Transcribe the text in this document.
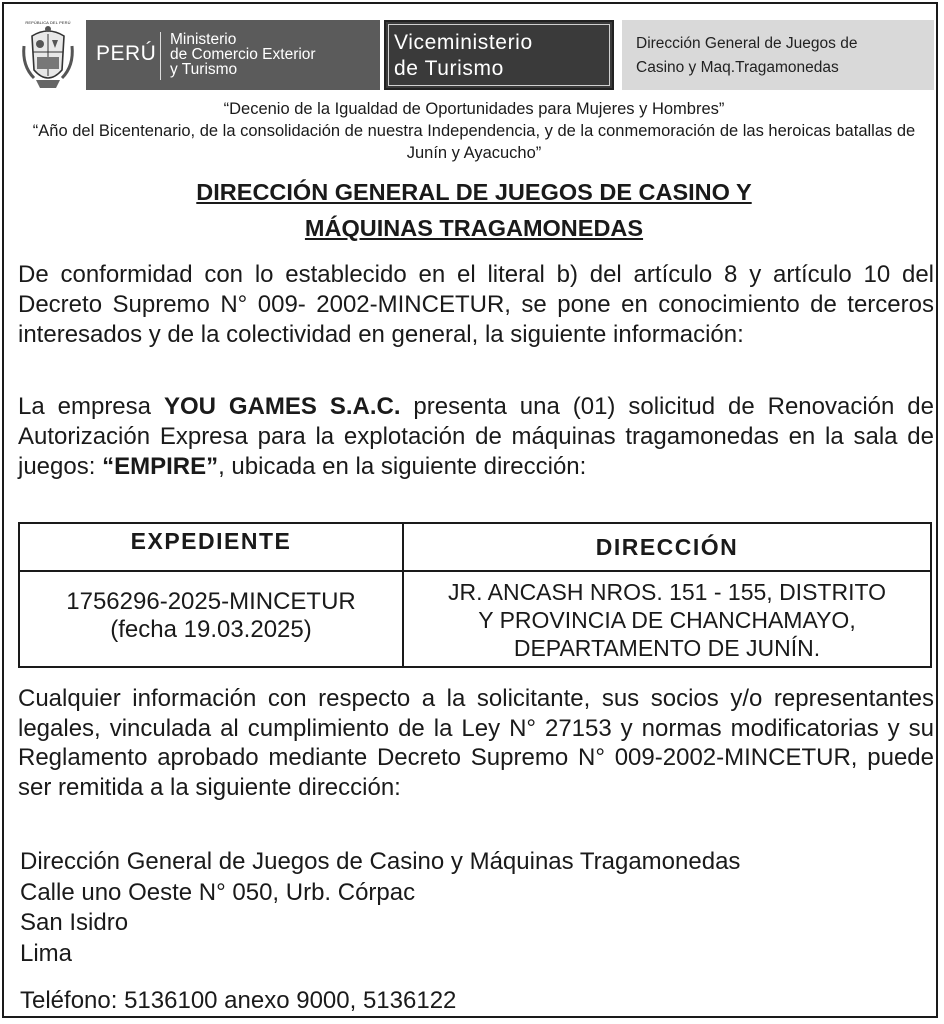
REPÚBLICA DEL PERÚ
PERÚ
Ministerio
de Comercio Exterior
y Turismo
Viceministerio
de Turismo
Dirección General de Juegos de
Casino y Maq.Tragamonedas
“Decenio de la Igualdad de Oportunidades para Mujeres y Hombres”
“Año del Bicentenario, de la consolidación de nuestra Independencia, y de la conmemoración de las heroicas batallas de Junín y Ayacucho”
DIRECCIÓN GENERAL DE JUEGOS DE CASINO Y
MÁQUINAS TRAGAMONEDAS
De conformidad con lo establecido en el literal b) del artículo 8 y artículo 10 del Decreto Supremo N° 009- 2002-MINCETUR, se pone en conocimiento de terceros interesados y de la colectividad en general, la siguiente información:
La empresa YOU GAMES S.A.C. presenta una (01) solicitud de Renovación de Autorización Expresa para la explotación de máquinas tragamonedas en la sala de juegos: “EMPIRE”, ubicada en la siguiente dirección:
EXPEDIENTE	DIRECCIÓN
1756296-2025-MINCETUR
(fecha 19.03.2025)
JR. ANCASH NROS. 151 - 155, DISTRITO
Y PROVINCIA DE CHANCHAMAYO,
DEPARTAMENTO DE JUNÍN.
Cualquier información con respecto a la solicitante, sus socios y/o representantes legales, vinculada al cumplimiento de la Ley N° 27153 y normas modificatorias y su Reglamento aprobado mediante Decreto Supremo N° 009-2002-MINCETUR, puede ser remitida a la siguiente dirección:
Dirección General de Juegos de Casino y Máquinas Tragamonedas
Calle uno Oeste N° 050, Urb. Córpac
San Isidro
Lima
Teléfono: 5136100 anexo 9000, 5136122
